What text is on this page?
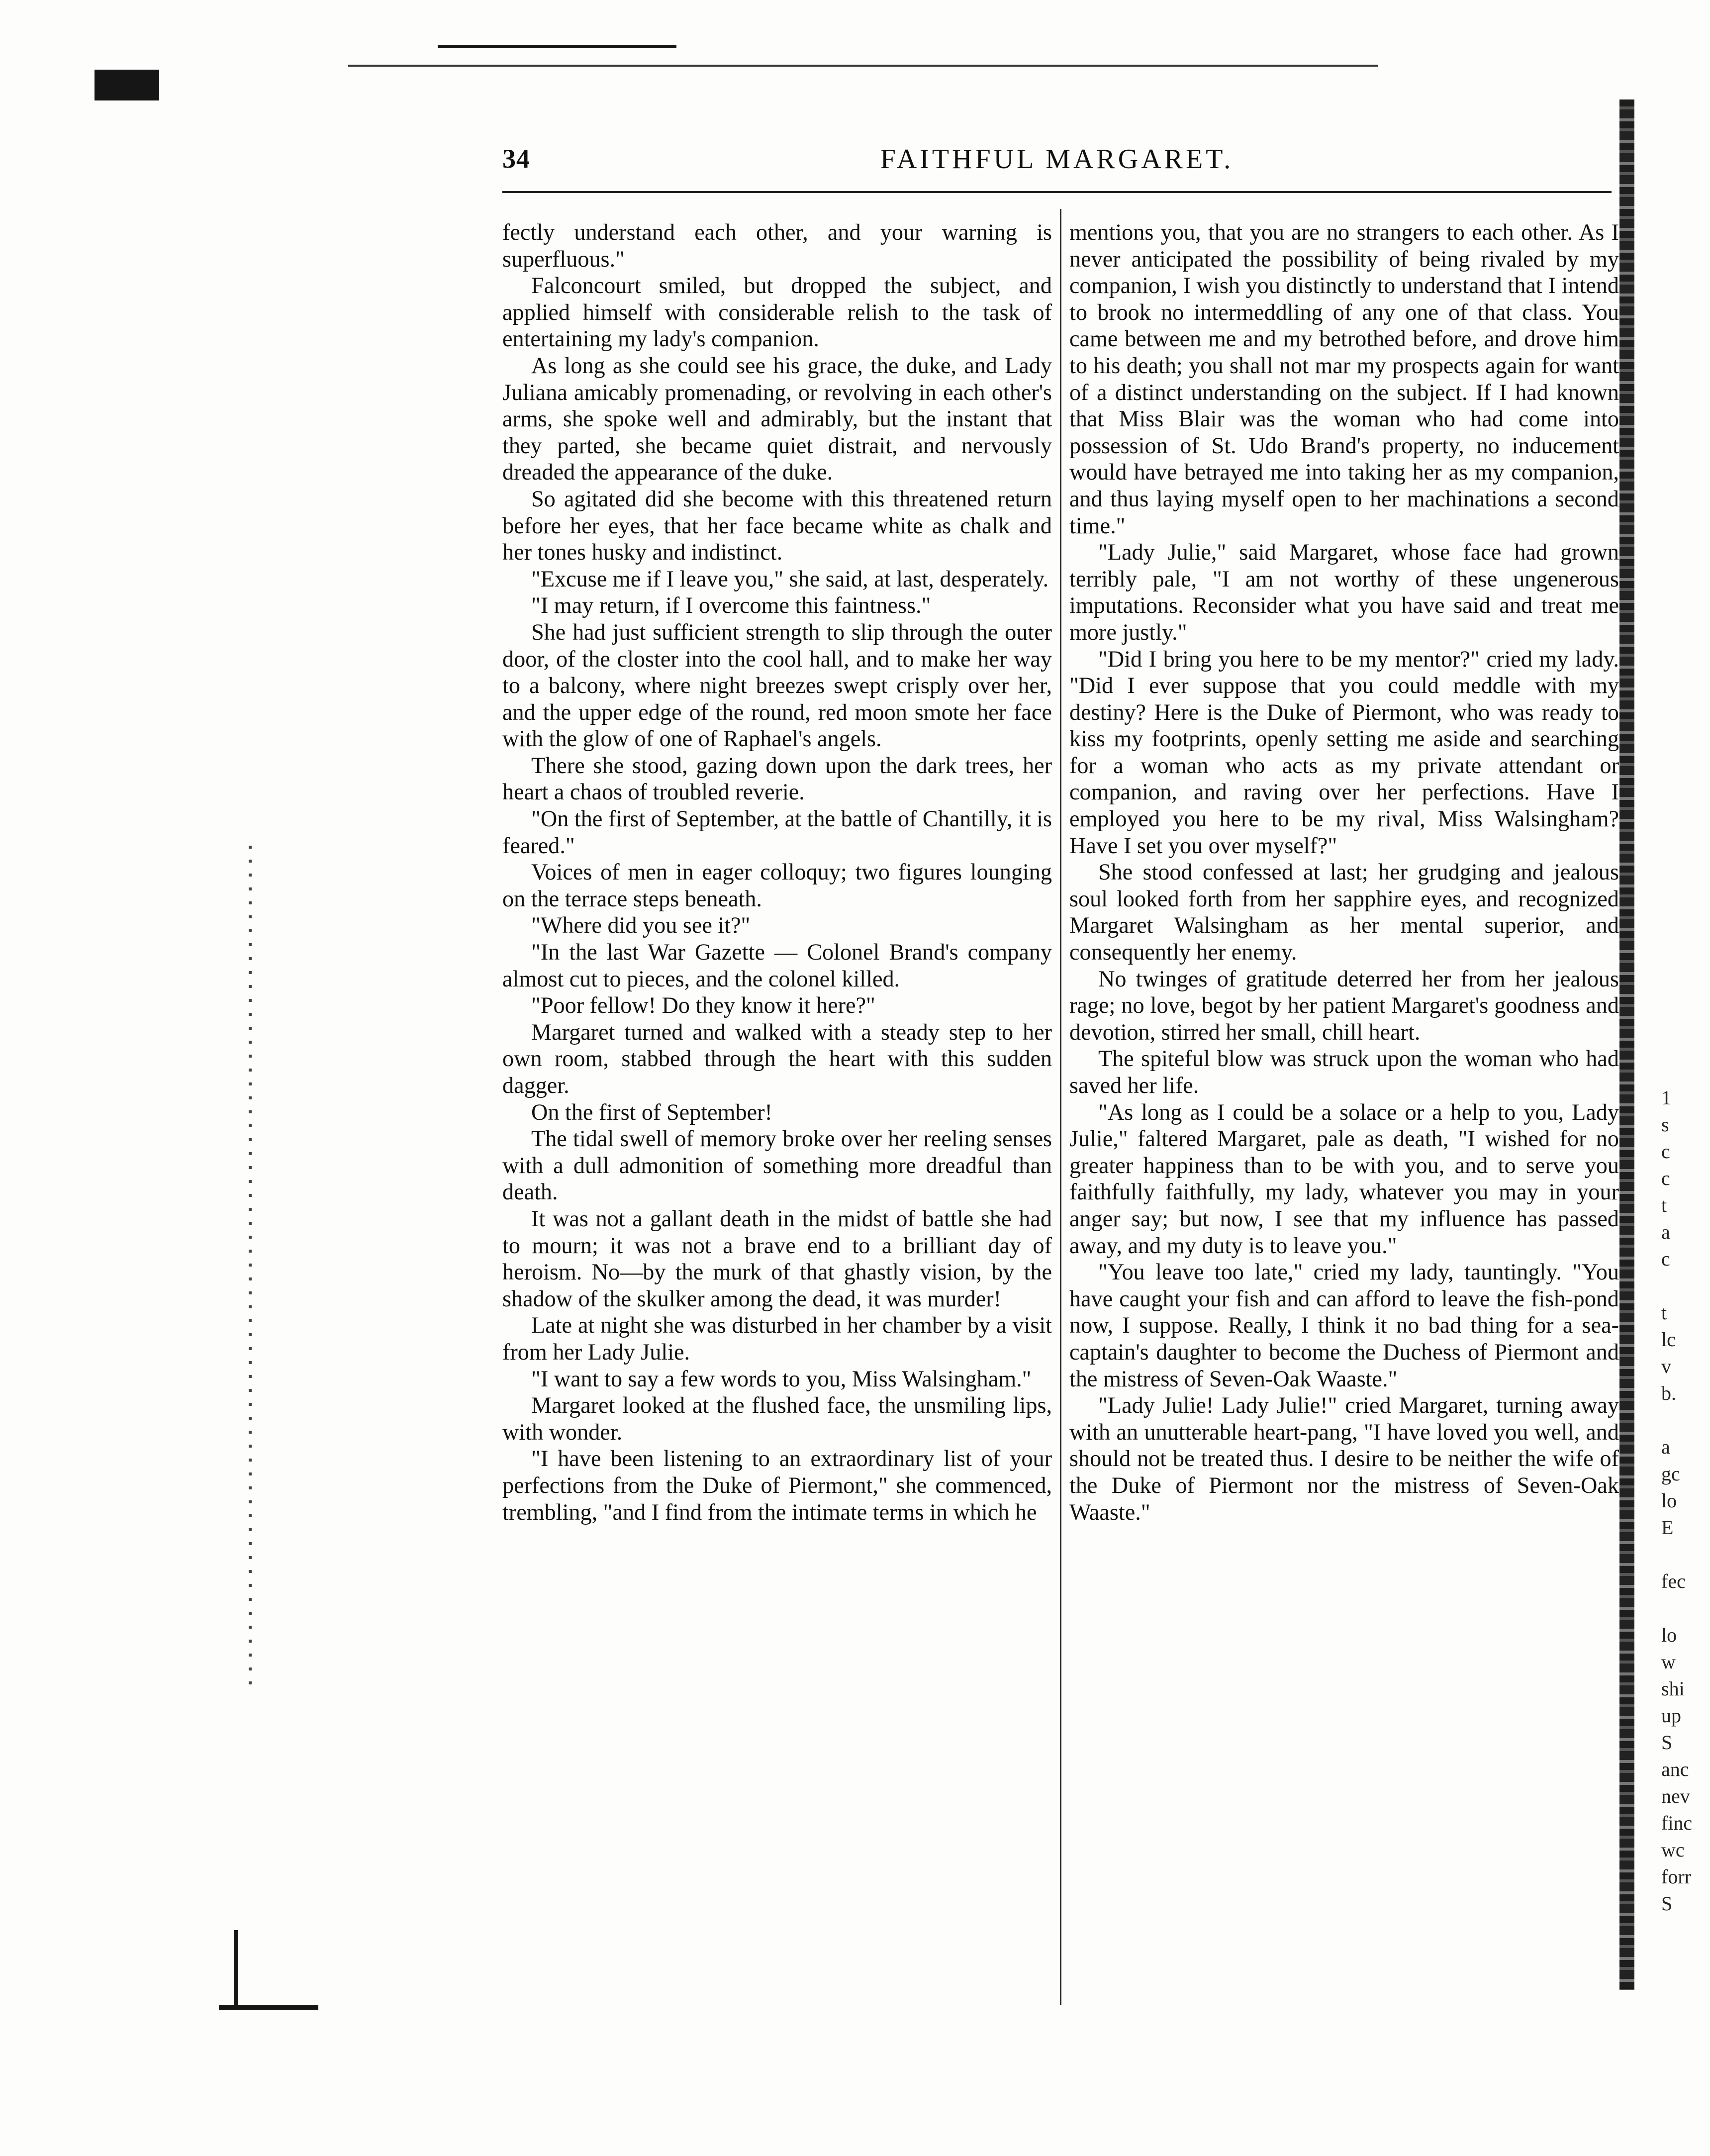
34	FAITHFUL MARGARET.

fectly understand each other, and your warning is superfluous."

Falconcourt smiled, but dropped the subject, and applied himself with considerable relish to the task of entertaining my lady's companion.

As long as she could see his grace, the duke, and Lady Juliana amicably promenading, or revolving in each other's arms, she spoke well and admirably, but the instant that they parted, she became quiet distrait, and nervously dreaded the appearance of the duke.

So agitated did she become with this threatened return before her eyes, that her face became white as chalk and her tones husky and indistinct.

"Excuse me if I leave you," she said, at last, desperately.

"I may return, if I overcome this faintness."

She had just sufficient strength to slip through the outer door, of the closter into the cool hall, and to make her way to a balcony, where night breezes swept crisply over her, and the upper edge of the round, red moon smote her face with the glow of one of Raphael's angels.

There she stood, gazing down upon the dark trees, her heart a chaos of troubled reverie.

"On the first of September, at the battle of Chantilly, it is feared."

Voices of men in eager colloquy; two figures lounging on the terrace steps beneath.

"Where did you see it?"

"In the last War Gazette — Colonel Brand's company almost cut to pieces, and the colonel killed.

"Poor fellow! Do they know it here?"

Margaret turned and walked with a steady step to her own room, stabbed through the heart with this sudden dagger.

On the first of September!

The tidal swell of memory broke over her reeling senses with a dull admonition of something more dreadful than death.

It was not a gallant death in the midst of battle she had to mourn; it was not a brave end to a brilliant day of heroism. No—by the murk of that ghastly vision, by the shadow of the skulker among the dead, it was murder!

Late at night she was disturbed in her chamber by a visit from her Lady Julie.

"I want to say a few words to you, Miss Walsingham."

Margaret looked at the flushed face, the unsmiling lips, with wonder.

"I have been listening to an extraordinary list of your perfections from the Duke of Piermont," she commenced, trembling, "and I find from the intimate terms in which he

mentions you, that you are no strangers to each other. As I never anticipated the possibility of being rivaled by my companion, I wish you distinctly to understand that I intend to brook no intermeddling of any one of that class. You came between me and my betrothed before, and drove him to his death; you shall not mar my prospects again for want of a distinct understanding on the subject. If I had known that Miss Blair was the woman who had come into possession of St. Udo Brand's property, no inducement would have betrayed me into taking her as my companion, and thus laying myself open to her machinations a second time."

"Lady Julie," said Margaret, whose face had grown terribly pale, "I am not worthy of these ungenerous imputations. Reconsider what you have said and treat me more justly."

"Did I bring you here to be my mentor?" cried my lady. "Did I ever suppose that you could meddle with my destiny? Here is the Duke of Piermont, who was ready to kiss my footprints, openly setting me aside and searching for a woman who acts as my private attendant or companion, and raving over her perfections. Have I employed you here to be my rival, Miss Walsingham? Have I set you over myself?"

She stood confessed at last; her grudging and jealous soul looked forth from her sapphire eyes, and recognized Margaret Walsingham as her mental superior, and consequently her enemy.

No twinges of gratitude deterred her from her jealous rage; no love, begot by her patient Margaret's goodness and devotion, stirred her small, chill heart.

The spiteful blow was struck upon the woman who had saved her life.

"As long as I could be a solace or a help to you, Lady Julie," faltered Margaret, pale as death, "I wished for no greater happiness than to be with you, and to serve you faithfully faithfully, my lady, whatever you may in your anger say; but now, I see that my influence has passed away, and my duty is to leave you."

"You leave too late," cried my lady, tauntingly. "You have caught your fish and can afford to leave the fish-pond now, I suppose. Really, I think it no bad thing for a sea-captain's daughter to become the Duchess of Piermont and the mistress of Seven-Oak Waaste."

"Lady Julie! Lady Julie!" cried Margaret, turning away with an unutterable heart-pang, "I have loved you well, and should not be treated thus. I desire to be neither the wife of the Duke of Piermont nor the mistress of Seven-Oak Waaste."

1
s
c
c
t
a
c
t
lc
v
b.
a
gc
lo
E
fec
lo
w
shi
up
S
anc
nev
finc
wc
forr
S
